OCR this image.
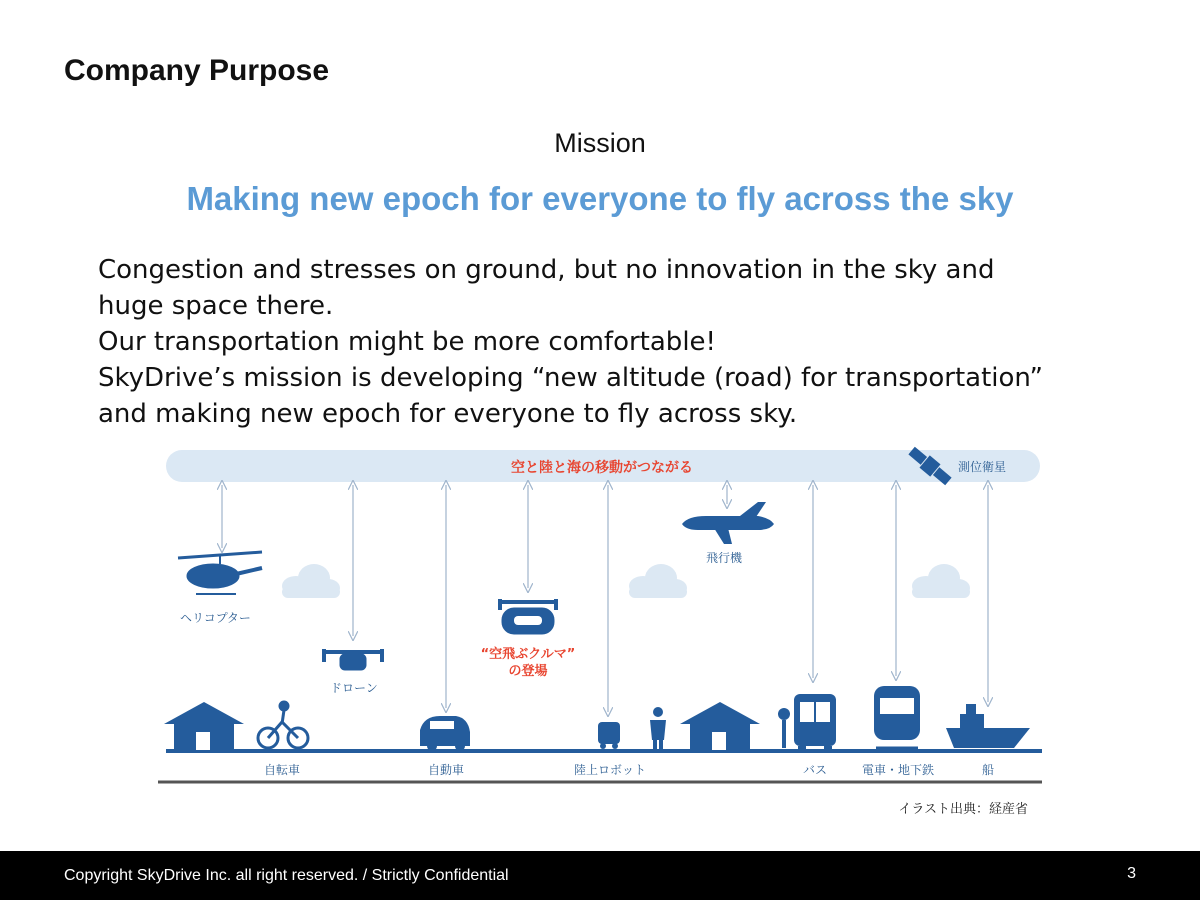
Company Purpose
Mission
Making new epoch for everyone to fly across the sky
Congestion and stresses on ground, but no innovation in the sky and
huge space there.
Our transportation might be more comfortable!
SkyDrive’s mission is developing “new altitude (road) for transportation”
and making new epoch for everyone to fly across sky.
空と陸と海の移動がつながる	測位衛星
ヘリコプター
ドローン
“空飛ぶクルマ”
の登場
飛行機
自転車	自動車	陸上ロボット	バス	電車・地下鉄	船
イラスト出典：経産省
Copyright SkyDrive Inc. all right reserved. / Strictly Confidential	3
